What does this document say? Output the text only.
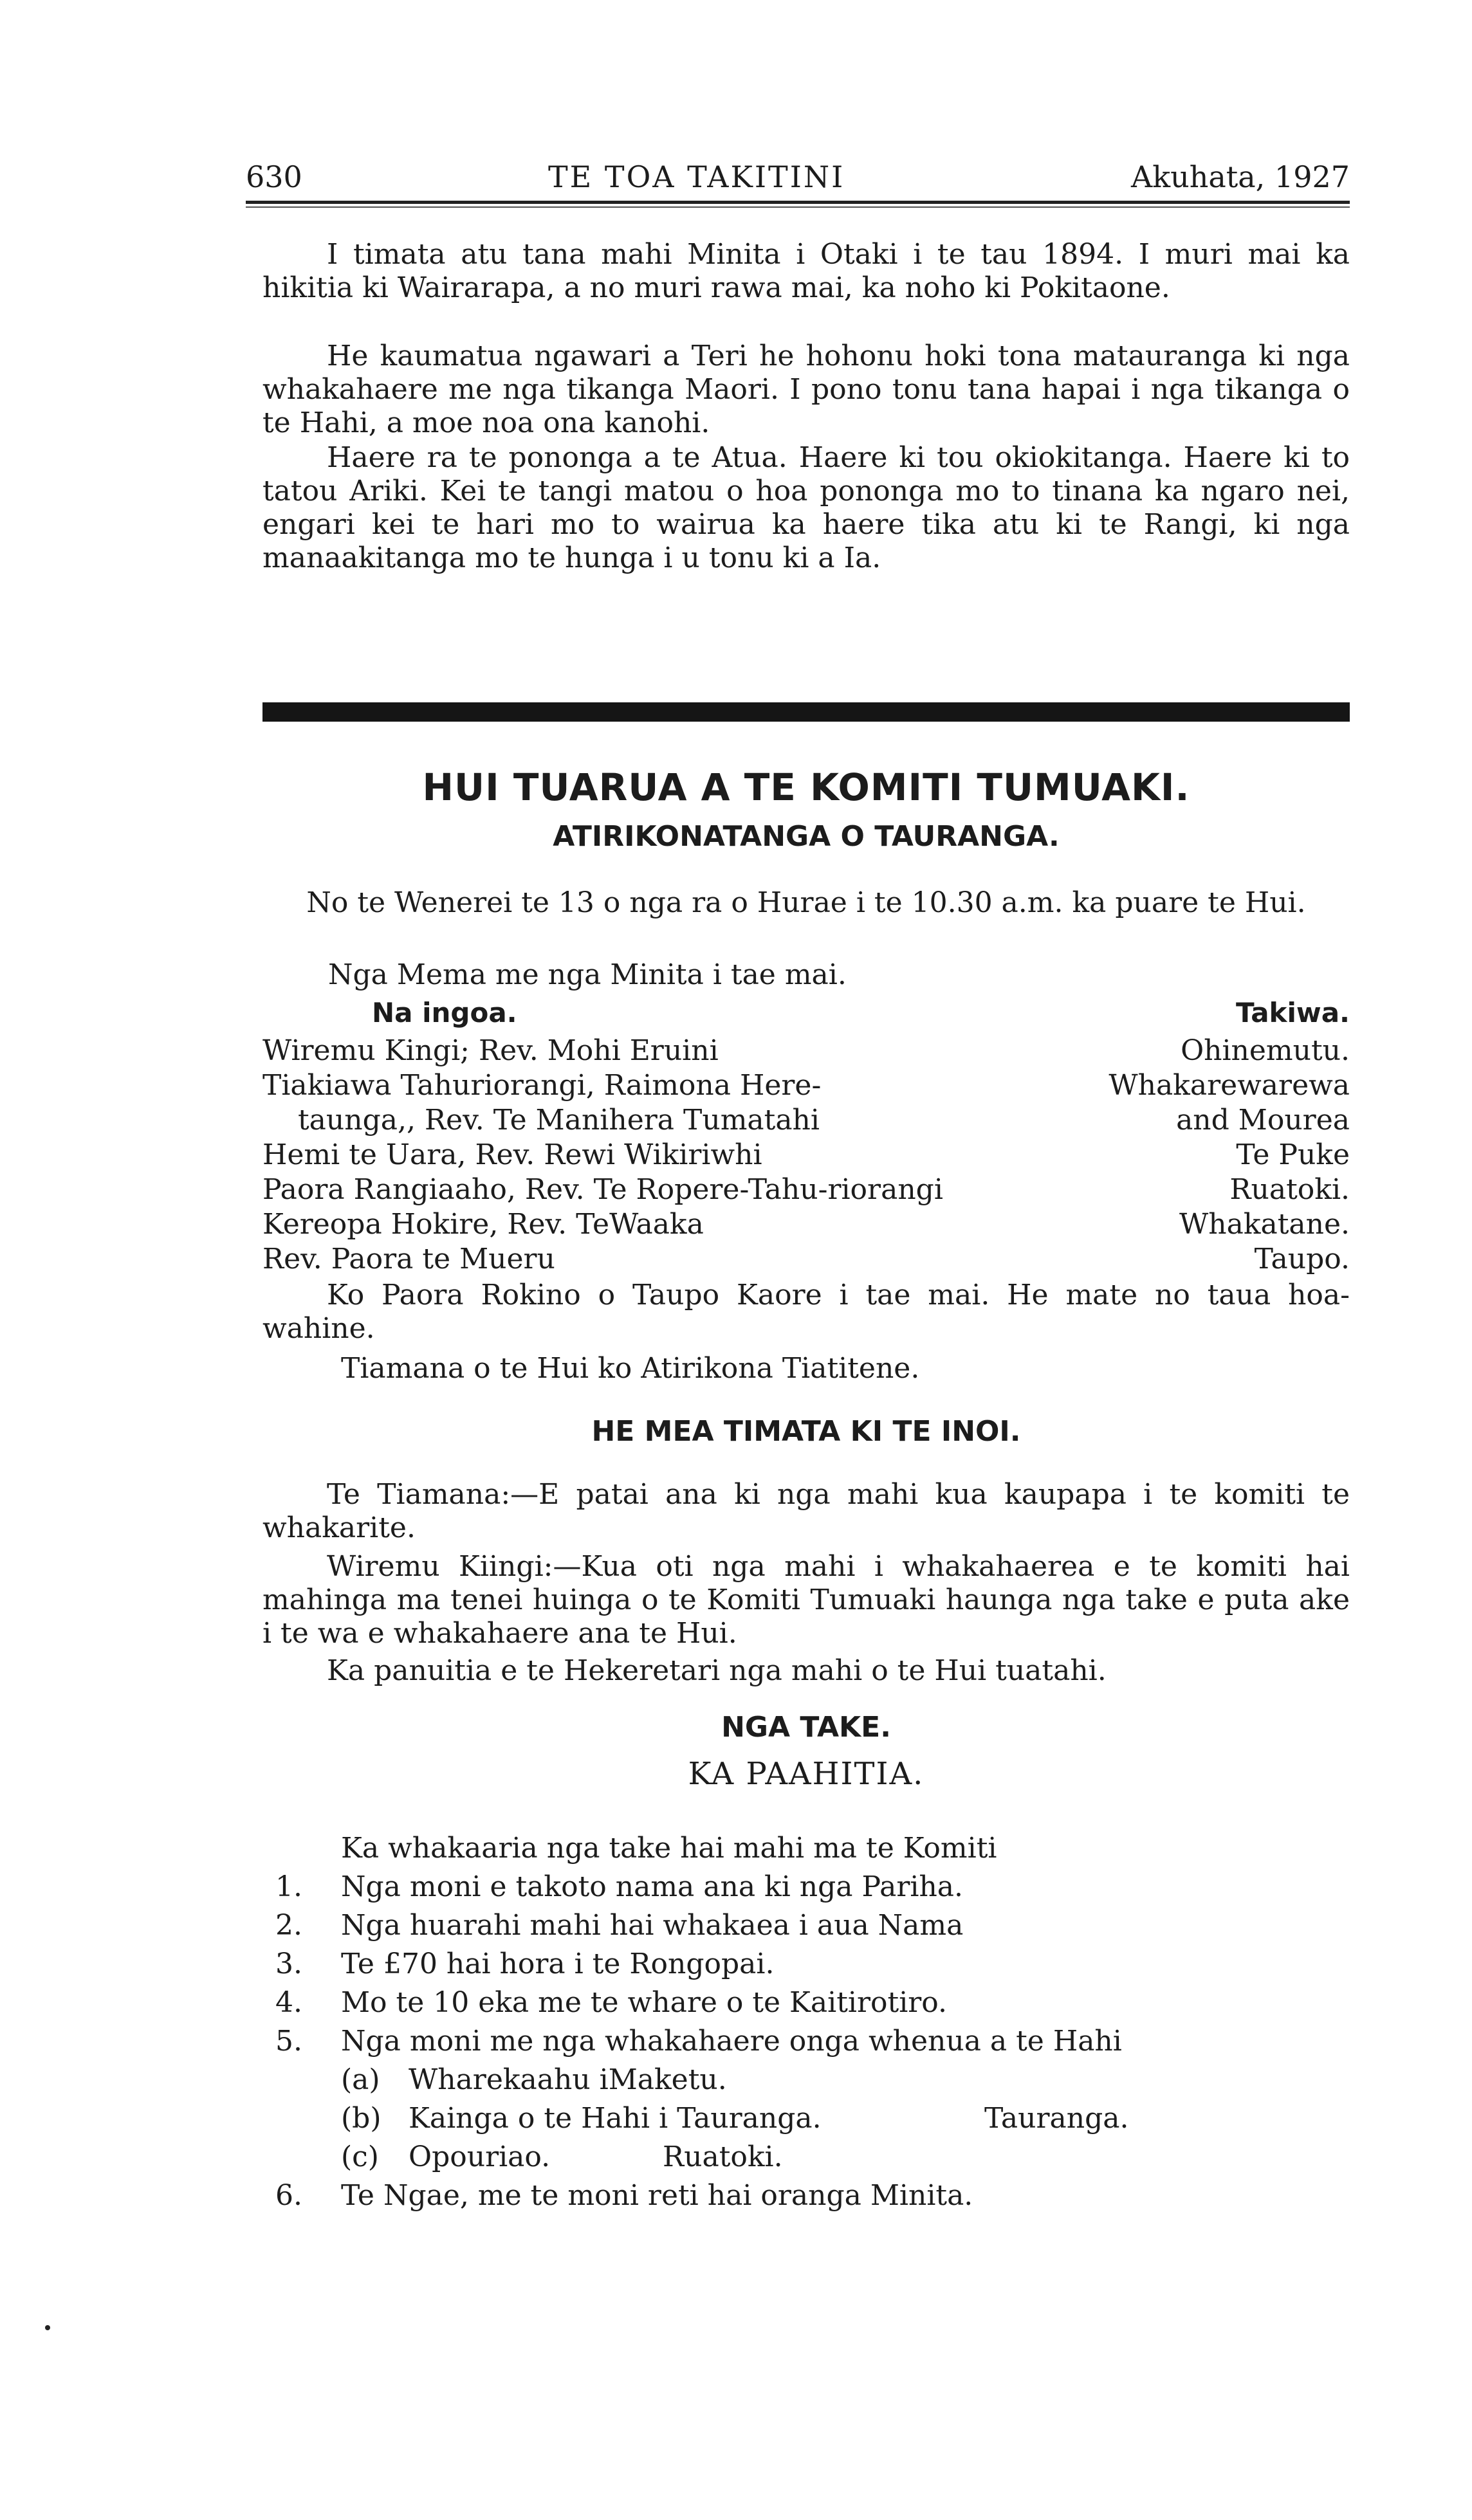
630	TE TOA TAKITINI	Akuhata, 1927

I timata atu tana mahi Minita i Otaki i te tau 1894. I muri mai ka hikitia ki Wairarapa, a no muri rawa mai, ka noho ki Pokitaone.

He kaumatua ngawari a Teri he hohonu hoki tona matauranga ki nga whakahaere me nga tikanga Maori. I pono tonu tana hapai i nga tikanga o te Hahi, a moe noa ona kanohi.

Haere ra te pononga a te Atua. Haere ki tou okiokitanga. Haere ki to tatou Ariki. Kei te tangi matou o hoa pononga mo to tinana ka ngaro nei, engari kei te hari mo to wairua ka haere tika atu ki te Rangi, ki nga manaakitanga mo te hunga i u tonu ki a Ia.

HUI TUARUA A TE KOMITI TUMUAKI.
ATIRIKONATANGA O TAURANGA.

No te Wenerei te 13 o nga ra o Hurae i te 10.30 a.m. ka puare te Hui.

Nga Mema me nga Minita i tae mai.
Na ingoa.	Takiwa.
Wiremu Kingi; Rev. Mohi Eruini	Ohinemutu.
Tiakiawa Tahuriorangi, Raimona Here-	Whakarewarewa
taunga,, Rev. Te Manihera Tumatahi	and Mourea
Hemi te Uara, Rev. Rewi Wikiriwhi	Te Puke
Paora Rangiaaho, Rev. Te Ropere-Tahu-riorangi	Ruatoki.
Kereopa Hokire, Rev. TeWaaka	Whakatane.
Rev. Paora te Mueru	Taupo.

Ko Paora Rokino o Taupo Kaore i tae mai. He mate no taua hoa-wahine.

Tiamana o te Hui ko Atirikona Tiatitene.
HE MEA TIMATA KI TE INOI.

Te Tiamana:—E patai ana ki nga mahi kua kaupapa i te komiti te whakarite.

Wiremu Kiingi:—Kua oti nga mahi i whakahaerea e te komiti hai mahinga ma tenei huinga o te Komiti Tumuaki haunga nga take e puta ake i te wa e whakahaere ana te Hui.

Ka panuitia e te Hekeretari nga mahi o te Hui tuatahi.

NGA TAKE.
KA PAAHITIA.
Ka whakaaria nga take hai mahi ma te Komiti
1. Nga moni e takoto nama ana ki nga Pariha.
2. Nga huarahi mahi hai whakaea i aua Nama
3. Te £70 hai hora i te Rongopai.
4. Mo te 10 eka me te whare o te Kaitirotiro.
5. Nga moni me nga whakahaere onga whenua a te Hahi
(a) Wharekaahu iMaketu.
(b) Kainga o te Hahi i Tauranga.	Tauranga.
(c) Opouriao.	Ruatoki.
6. Te Ngae, me te moni reti hai oranga Minita.
